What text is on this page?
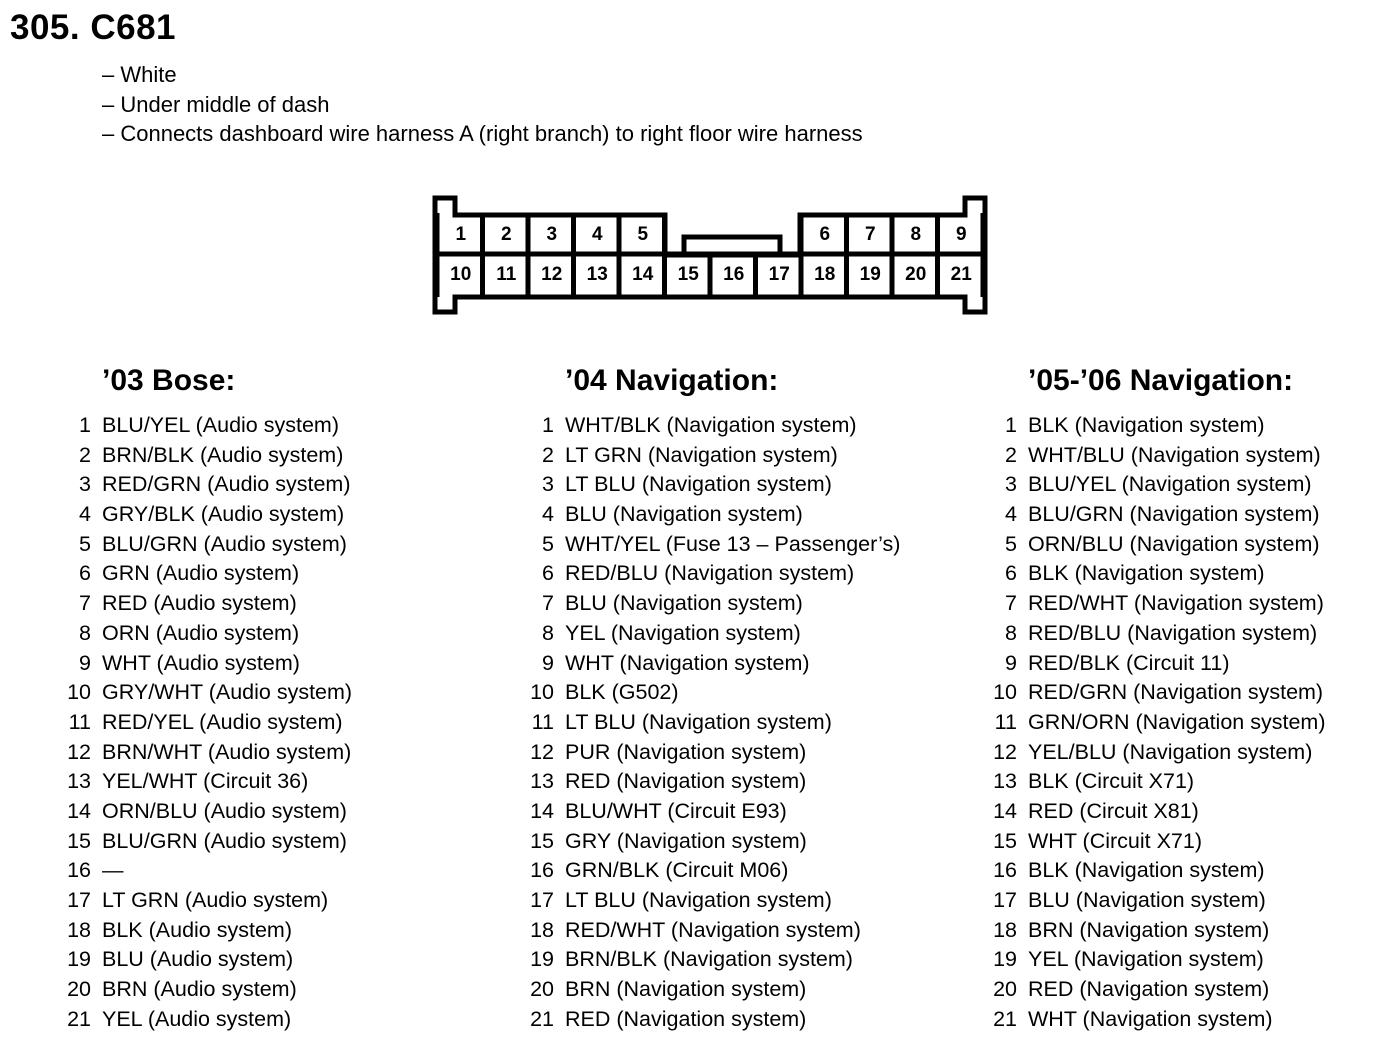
305. C681
– White
– Under middle of dash
– Connects dashboard wire harness A (right branch) to right floor wire harness
1 2 3 4 5	6 7 8 9
10 11 12 13 14 15 16 17 18 19 20 21
’03 Bose:
1 BLU/YEL (Audio system)
2 BRN/BLK (Audio system)
3 RED/GRN (Audio system)
4 GRY/BLK (Audio system)
5 BLU/GRN (Audio system)
6 GRN (Audio system)
7 RED (Audio system)
8 ORN (Audio system)
9 WHT (Audio system)
10 GRY/WHT (Audio system)
11 RED/YEL (Audio system)
12 BRN/WHT (Audio system)
13 YEL/WHT (Circuit 36)
14 ORN/BLU (Audio system)
15 BLU/GRN (Audio system)
16 —
17 LT GRN (Audio system)
18 BLK (Audio system)
19 BLU (Audio system)
20 BRN (Audio system)
21 YEL (Audio system)
’04 Navigation:
1 WHT/BLK (Navigation system)
2 LT GRN (Navigation system)
3 LT BLU (Navigation system)
4 BLU (Navigation system)
5 WHT/YEL (Fuse 13 – Passenger’s)
6 RED/BLU (Navigation system)
7 BLU (Navigation system)
8 YEL (Navigation system)
9 WHT (Navigation system)
10 BLK (G502)
11 LT BLU (Navigation system)
12 PUR (Navigation system)
13 RED (Navigation system)
14 BLU/WHT (Circuit E93)
15 GRY (Navigation system)
16 GRN/BLK (Circuit M06)
17 LT BLU (Navigation system)
18 RED/WHT (Navigation system)
19 BRN/BLK (Navigation system)
20 BRN (Navigation system)
21 RED (Navigation system)
’05-’06 Navigation:
1 BLK (Navigation system)
2 WHT/BLU (Navigation system)
3 BLU/YEL (Navigation system)
4 BLU/GRN (Navigation system)
5 ORN/BLU (Navigation system)
6 BLK (Navigation system)
7 RED/WHT (Navigation system)
8 RED/BLU (Navigation system)
9 RED/BLK (Circuit 11)
10 RED/GRN (Navigation system)
11 GRN/ORN (Navigation system)
12 YEL/BLU (Navigation system)
13 BLK (Circuit X71)
14 RED (Circuit X81)
15 WHT (Circuit X71)
16 BLK (Navigation system)
17 BLU (Navigation system)
18 BRN (Navigation system)
19 YEL (Navigation system)
20 RED (Navigation system)
21 WHT (Navigation system)
